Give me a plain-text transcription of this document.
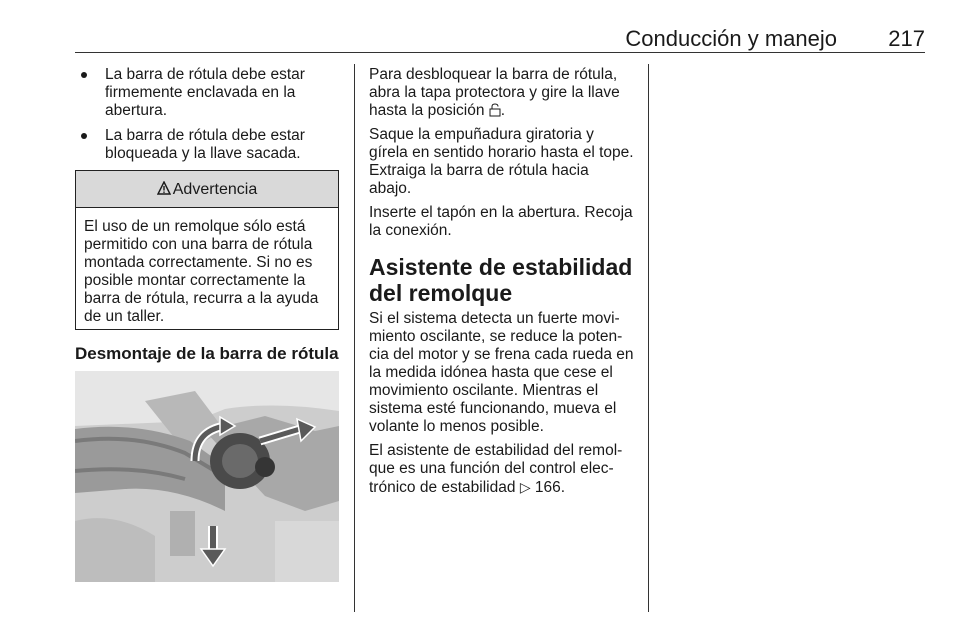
Conducción y manejo 217
La barra de rótula debe estar firmemente enclavada en la abertura.
La barra de rótula debe estar bloqueada y la llave sacada.
Advertencia
El uso de un remolque sólo está permitido con una barra de rótula montada correctamente. Si no es posible montar correctamente la barra de rótula, recurra a la ayuda de un taller.
Desmontaje de la barra de rótula

Para desbloquear la barra de rótula, abra la tapa protectora y gire la llave hasta la posición .

Saque la empuñadura giratoria y gírela en sentido horario hasta el tope. Extraiga la barra de rótula hacia abajo.

Inserte el tapón en la abertura. Recoja la conexión.

Asistente de estabilidad del remolque

Si el sistema detecta un fuerte movi-miento oscilante, se reduce la poten-cia del motor y se frena cada rueda en la medida idónea hasta que cese el movimiento oscilante. Mientras el sistema esté funcionando, mueva el volante lo menos posible.

El asistente de estabilidad del remol-que es una función del control elec-trónico de estabilidad ▷ 166.
